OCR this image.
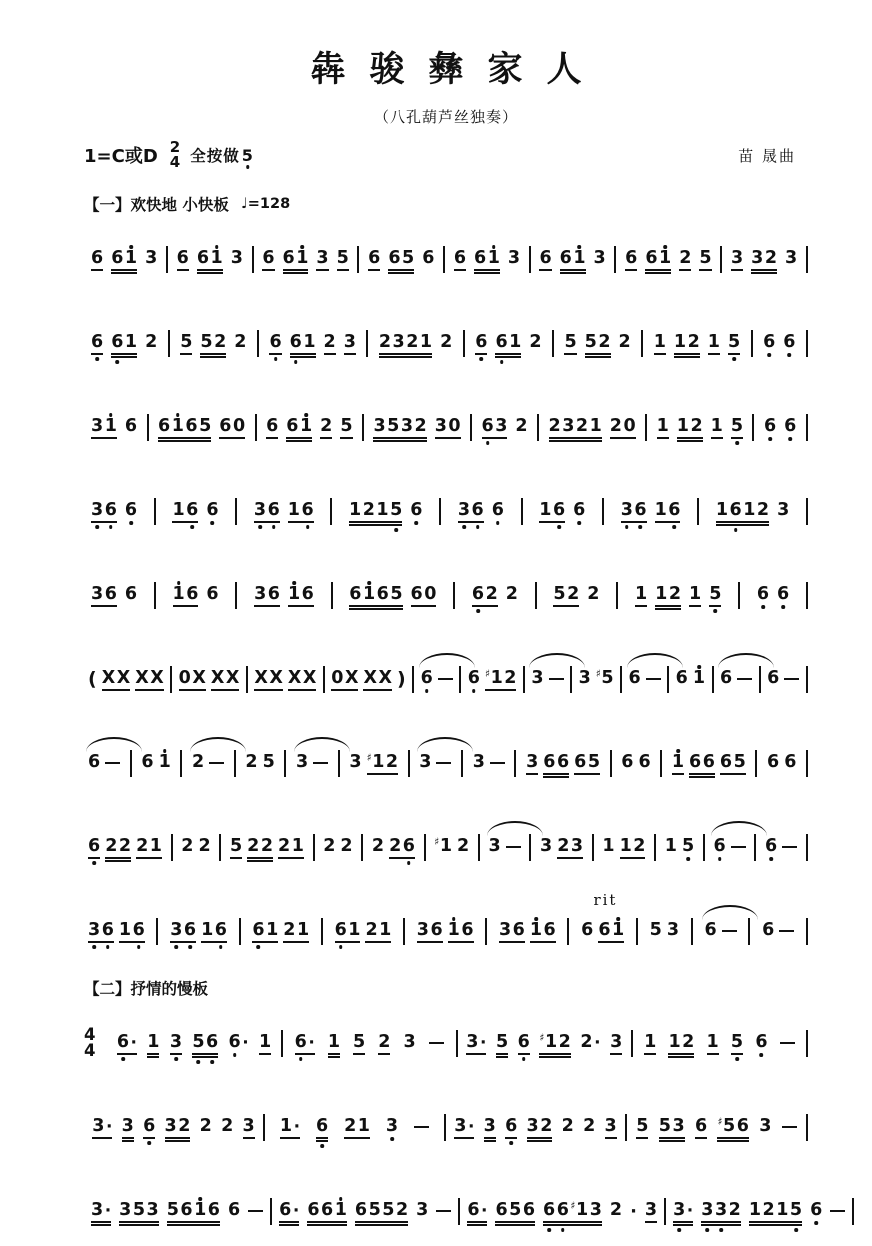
犇骏彝家人
（八孔葫芦丝独奏）
1=C或D 2
4 全按做 5	苗 晟曲
【一】欢快地 小快板 ♩=128
6 6 1 3 6 6 1 3 6 6 1 3 5 6 6 5 6 6 6 1 3 6 6 1 3 6 6 1 2 5 3 3 2 3
6 6 1 2 5 5 2 2 6 6 1 2 3 2 3 2 1 2 6 6 1 2 5 5 2 2 1 1 2 1 5 6 6
3 1 6 6 1 6 5 6 0 6 6 1 2 5 3 5 3 2 3 0 6 3 2 2 3 2 1 2 0 1 1 2 1 5 6 6
3 6 6 1 6 6 3 6 1 6 1 2 1 5 6 3 6 6 1 6 6 3 6 1 6 1 6 1 2 3
3 6 6 1 6 6 3 6 1 6 6 1 6 5 6 0 6 2 2 5 2 2 1 1 2 1 5 6 6
( X X X X 0 X X X X X X X 0 X X X ) 6 6 ♯ 1 2 3 3 ♯ 5 6 6 1 6 6
6 6 1 2 2 5 3 3 ♯ 1 2 3 3 3 6 6 6 5 6 6 1 6 6 6 5 6 6
6 2 2 2 1 2 2 5 2 2 2 1 2 2 2 2 6 ♯ 1 2 3 3 2 3 1 1 2 1 5 6 6
3 6 1 6 3 6 1 6 6 1 2 1 6 1 2 1 3 6 1 6 3 6 1 6
rit
6 6 1 5 3 6	6
【二】抒情的慢板
4
4 6 · 1 3 5 6 6 · 1 6 · 1 5 2 3	3 · 5 6 ♯ 1 2 2 · 3 1 1 2 1 5 6
3 · 3 6 3 2 2 2 3 1 · 6 2 1 3	3 · 3 6 3 2 2 2 3 5 5 3 6 ♯ 5 6 3
3 · 3 5 3 5 6 1 6 6 6 · 6 6 1 6 5 5 2 3 6 · 6 5 6 6 6 ♯ 1 3 2 · 3 3 · 3 3 2 1 2 1 5 6
